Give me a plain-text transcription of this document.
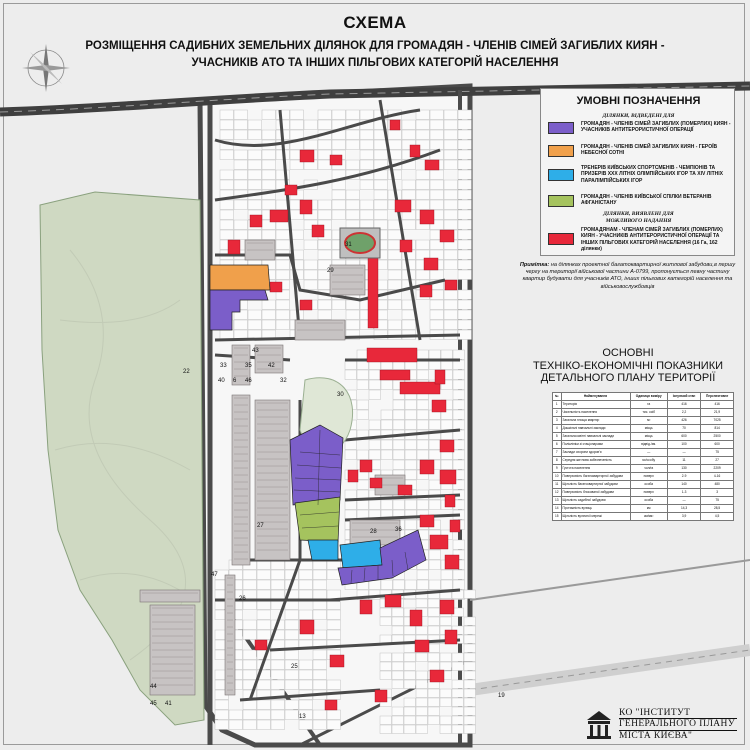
31
29
30
22
33	35
40 6 46
43
42
32
26
27
47
25
28	36
19
13
44
45 41
СХЕМА
РОЗМІЩЕННЯ САДИБНИХ ЗЕМЕЛЬНИХ ДІЛЯНОК ДЛЯ ГРОМАДЯН - ЧЛЕНІВ СІМЕЙ ЗАГИБЛИХ КИЯН -
УЧАСНИКІВ АТО ТА ІНШИХ ПІЛЬГОВИХ КАТЕГОРІЙ НАСЕЛЕННЯ
УМОВНІ ПОЗНАЧЕННЯ
ДІЛЯНКИ, ВІДВЕДЕНІ ДЛЯ
ГРОМАДЯН - ЧЛЕНІВ СІМЕЙ ЗАГИБЛИХ (ПОМЕРЛИХ) КИЯН - УЧАСНИКІВ АНТИТЕРОРИСТИЧНОЇ ОПЕРАЦІЇ
ГРОМАДЯН - ЧЛЕНІВ СІМЕЙ ЗАГИБЛИХ КИЯН - ГЕРОЇВ НЕБЕСНОЇ СОТНІ
ТРЕНЕРІВ КИЇВСЬКИХ СПОРТСМЕНІВ - ЧЕМПІОНІВ ТА ПРИЗЕРІВ XXX ЛІТНІХ ОЛІМПІЙСЬКИХ ІГОР ТА XIV ЛІТНІХ ПАРАЛІМПІЙСЬКИХ ІГОР
ГРОМАДЯН - ЧЛЕНІВ КИЇВСЬКОЇ СПІЛКИ ВЕТЕРАНІВ АФГАНІСТАНУ
ДІЛЯНКИ, ВИЯВЛЕНІ ДЛЯ МОЖЛИВОГО НАДАННЯ
ГРОМАДЯНАМ - ЧЛЕНАМ СІМЕЙ ЗАГИБЛИХ (ПОМЕРЛИХ) КИЯН - УЧАСНИКІВ АНТИТЕРОРИСТИЧНОЇ ОПЕРАЦІЇ ТА ІНШИХ ПІЛЬГОВИХ КАТЕГОРІЙ НАСЕЛЕННЯ (16 Га, 162 ділянки)
Примітка: на ділянках проектної багатоквартирної житлової забудови,в першу чергу на території військової частини А-0799, пропонується певну частину квартир будувати для учасників АТО, інших пільгових категорій населення та військовослужбовців
ОСНОВНІ
ТЕХНІКО-ЕКОНОМІЧНІ ПОКАЗНИКИ
ДЕТАЛЬНОГО ПЛАНУ ТЕРИТОРІЇ
№	Найменування	Одиниця виміру	Існуючий стан	Перспективне
1	Територія	га	416	416
2	Чисельність населення	тис. осіб	2,2	21,9
3	Загальна площа квартир	м²	426	7025
4	Дошкільні навчальні заклади	місць	70	814
5	Загальноосвітні навчальні заклади	місць	600	2500
6	Поліклініки зі стаціонарами	відвід./зм.	100	600
7	Заклади охорони здоров'я	—	—	75
8	Середня житлова забезпеченість	м²/особу	11	27
9	Густота населення	чол/га	130	2209
10	Поверховість багатоквартирної забудови	поверх	2-9	4-16
11	Щільність багатоквартирної забудови	особа	140	480
12	Поверховість блокованої забудови	поверх	1-3	3
13	Щільність садибної забудови	особа	—	75
14	Протяжність вулиць	км	14,3	28,5
15	Щільність вуличної мережі	км/км²	3,9	4,5
КО "ІНСТИТУТ
ГЕНЕРАЛЬНОГО ПЛАНУ
МІСТА КИЄВА"
